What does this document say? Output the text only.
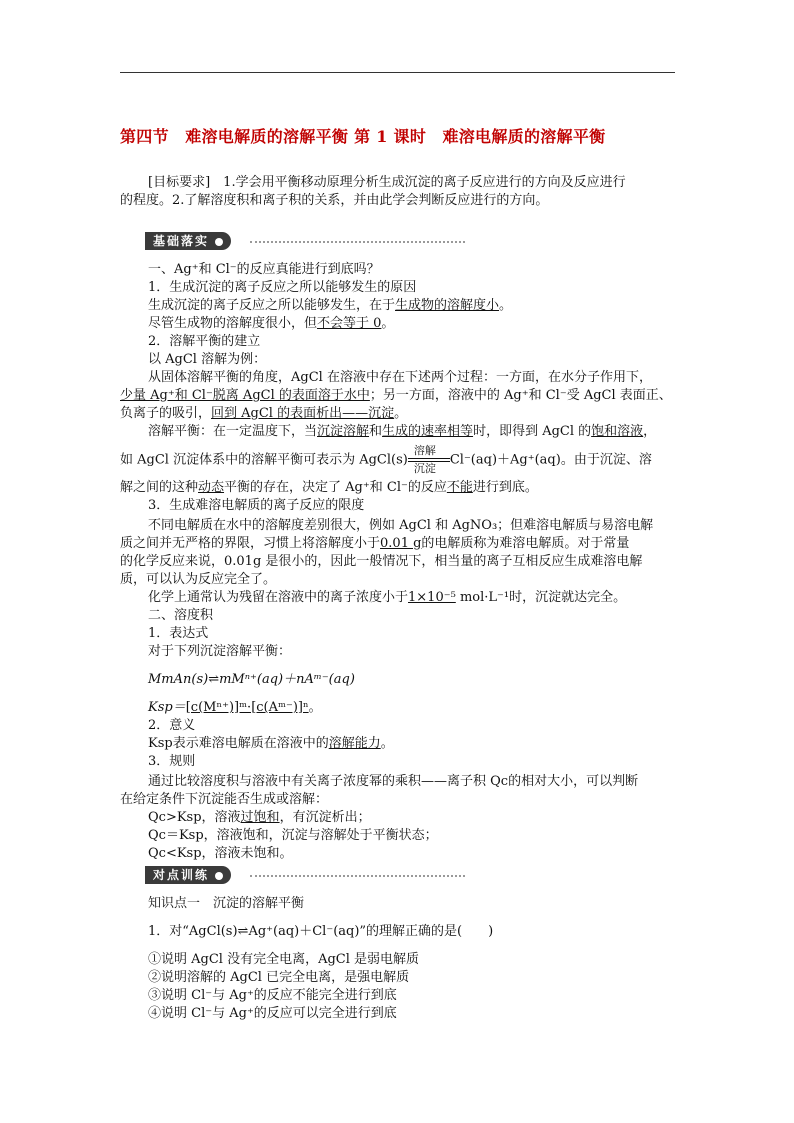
第四节　难溶电解质的溶解平衡 第 1 课时　难溶电解质的溶解平衡
[目标要求]　 1.学会用平衡移动原理分析生成沉淀的离子反应进行的方向及反应进行
的程度。2.了解溶度积和离子积的关系，并由此学会判断反应进行的方向。
基础落实
一、Ag⁺和 Cl⁻的反应真能进行到底吗？
1．生成沉淀的离子反应之所以能够发生的原因
生成沉淀的离子反应之所以能够发生，在于生成物的溶解度小。
尽管生成物的溶解度很小，但不会等于 0。
2．溶解平衡的建立
以 AgCl 溶解为例：
从固体溶解平衡的角度，AgCl 在溶液中存在下述两个过程：一方面，在水分子作用下，
少量 Ag⁺和 Cl⁻脱离 AgCl 的表面溶于水中；另一方面，溶液中的 Ag⁺和 Cl⁻受 AgCl 表面正、
负离子的吸引，回到 AgCl 的表面析出——沉淀。
溶解平衡：在一定温度下，当沉淀溶解和生成的速率相等时，即得到 AgCl 的饱和溶液，
如 AgCl 沉淀体系中的溶解平衡可表示为 AgCl(s) $\frac{\text{溶解}}{\text{沉淀}} Cl^-(aq)+Ag^+(aq)$。由于沉淀、溶
解之间的这种动态平衡的存在，决定了 Ag⁺和 Cl⁻的反应不能进行到底。
3．生成难溶电解质的离子反应的限度
不同电解质在水中的溶解度差别很大，例如 AgCl 和 AgNO₃；但难溶电解质与易溶电解
质之间并无严格的界限，习惯上将溶解度小于0.01 g的电解质称为难溶电解质。对于常量
的化学反应来说，0.01g 是很小的，因此一般情况下，相当量的离子互相反应生成难溶电解
质，可以认为反应完全了。
化学上通常认为残留在溶液中的离子浓度小于1×10⁻⁵ mol·L⁻¹时，沉淀就达完全。
二、溶度积
1．表达式
对于下列沉淀溶解平衡：
MmAn(s)⇌mMⁿ⁺(aq)＋nAᵐ⁻(aq)
Ksp＝[c(Mⁿ⁺)]ᵐ·[c(Aᵐ⁻)]ⁿ。
2．意义
Ksp表示难溶电解质在溶液中的溶解能力。
3．规则
通过比较溶度积与溶液中有关离子浓度幂的乘积——离子积 Qc的相对大小，可以判断
在给定条件下沉淀能否生成或溶解：
Qc>Ksp，溶液过饱和，有沉淀析出；
Qc＝Ksp，溶液饱和，沉淀与溶解处于平衡状态；
Qc<Ksp，溶液未饱和。
对点训练
知识点一　沉淀的溶解平衡
1．对“AgCl(s)⇌Ag⁺(aq)＋Cl⁻(aq)”的理解正确的是(　　)
①说明 AgCl 没有完全电离，AgCl 是弱电解质
②说明溶解的 AgCl 已完全电离，是强电解质
③说明 Cl⁻与 Ag⁺的反应不能完全进行到底
④说明 Cl⁻与 Ag⁺的反应可以完全进行到底
